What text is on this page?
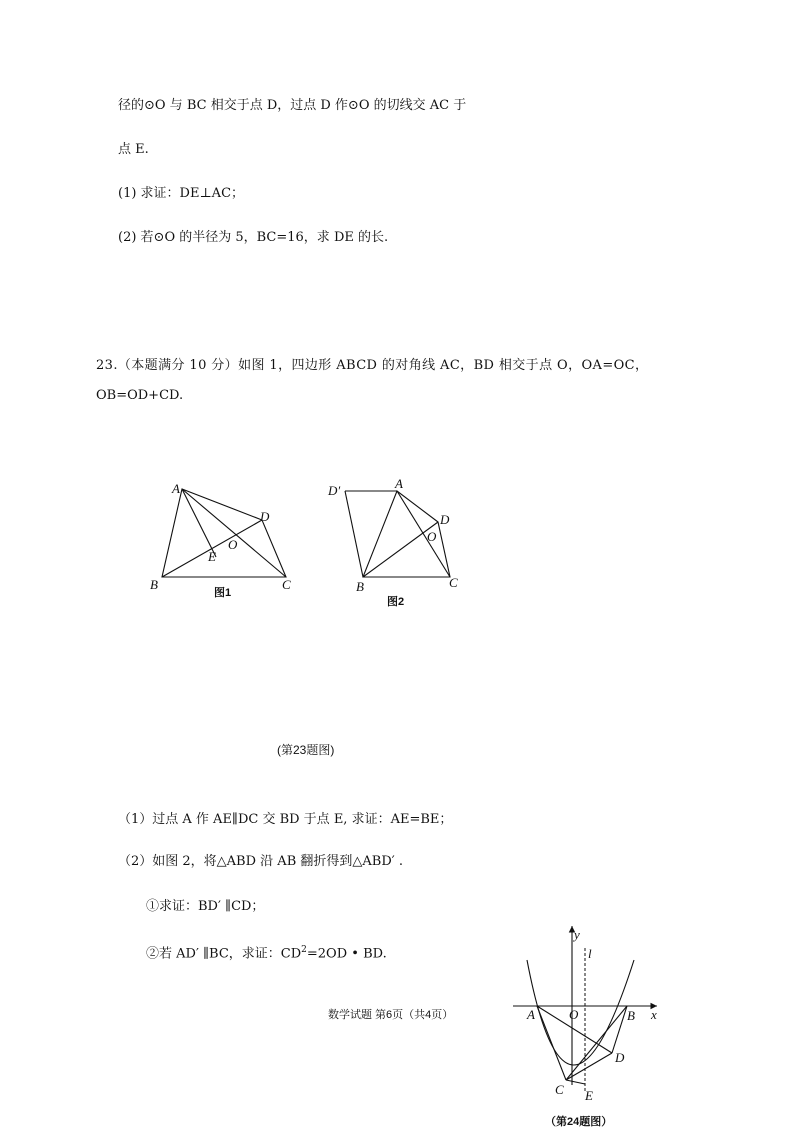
径的⊙O 与 BC 相交于点 D，过点 D 作⊙O 的切线交 AC 于
点 E.
(1) 求证：DE⊥AC；
(2) 若⊙O 的半径为 5，BC=16，求 DE 的长.
23.（本题满分 10 分）如图 1，四边形 ABCD 的对角线 AC，BD 相交于点 O，OA=OC，
OB=OD+CD.
A
B	C
D
E
O
图1
D′	A
B	C
D
O
图2
(第23题图)
（1）过点 A 作 AE∥DC 交 BD 于点 E, 求证：AE=BE；
（2）如图 2，将△ABD 沿 AB 翻折得到△ABD′ .
①求证：BD′ ∥CD；
②若 AD′ ∥BC，求证：$CD^2=2OD$ • BD.
数学试题 第6页（共4页）
y
l
x
A	O	B
D
C E
（第24题图）
